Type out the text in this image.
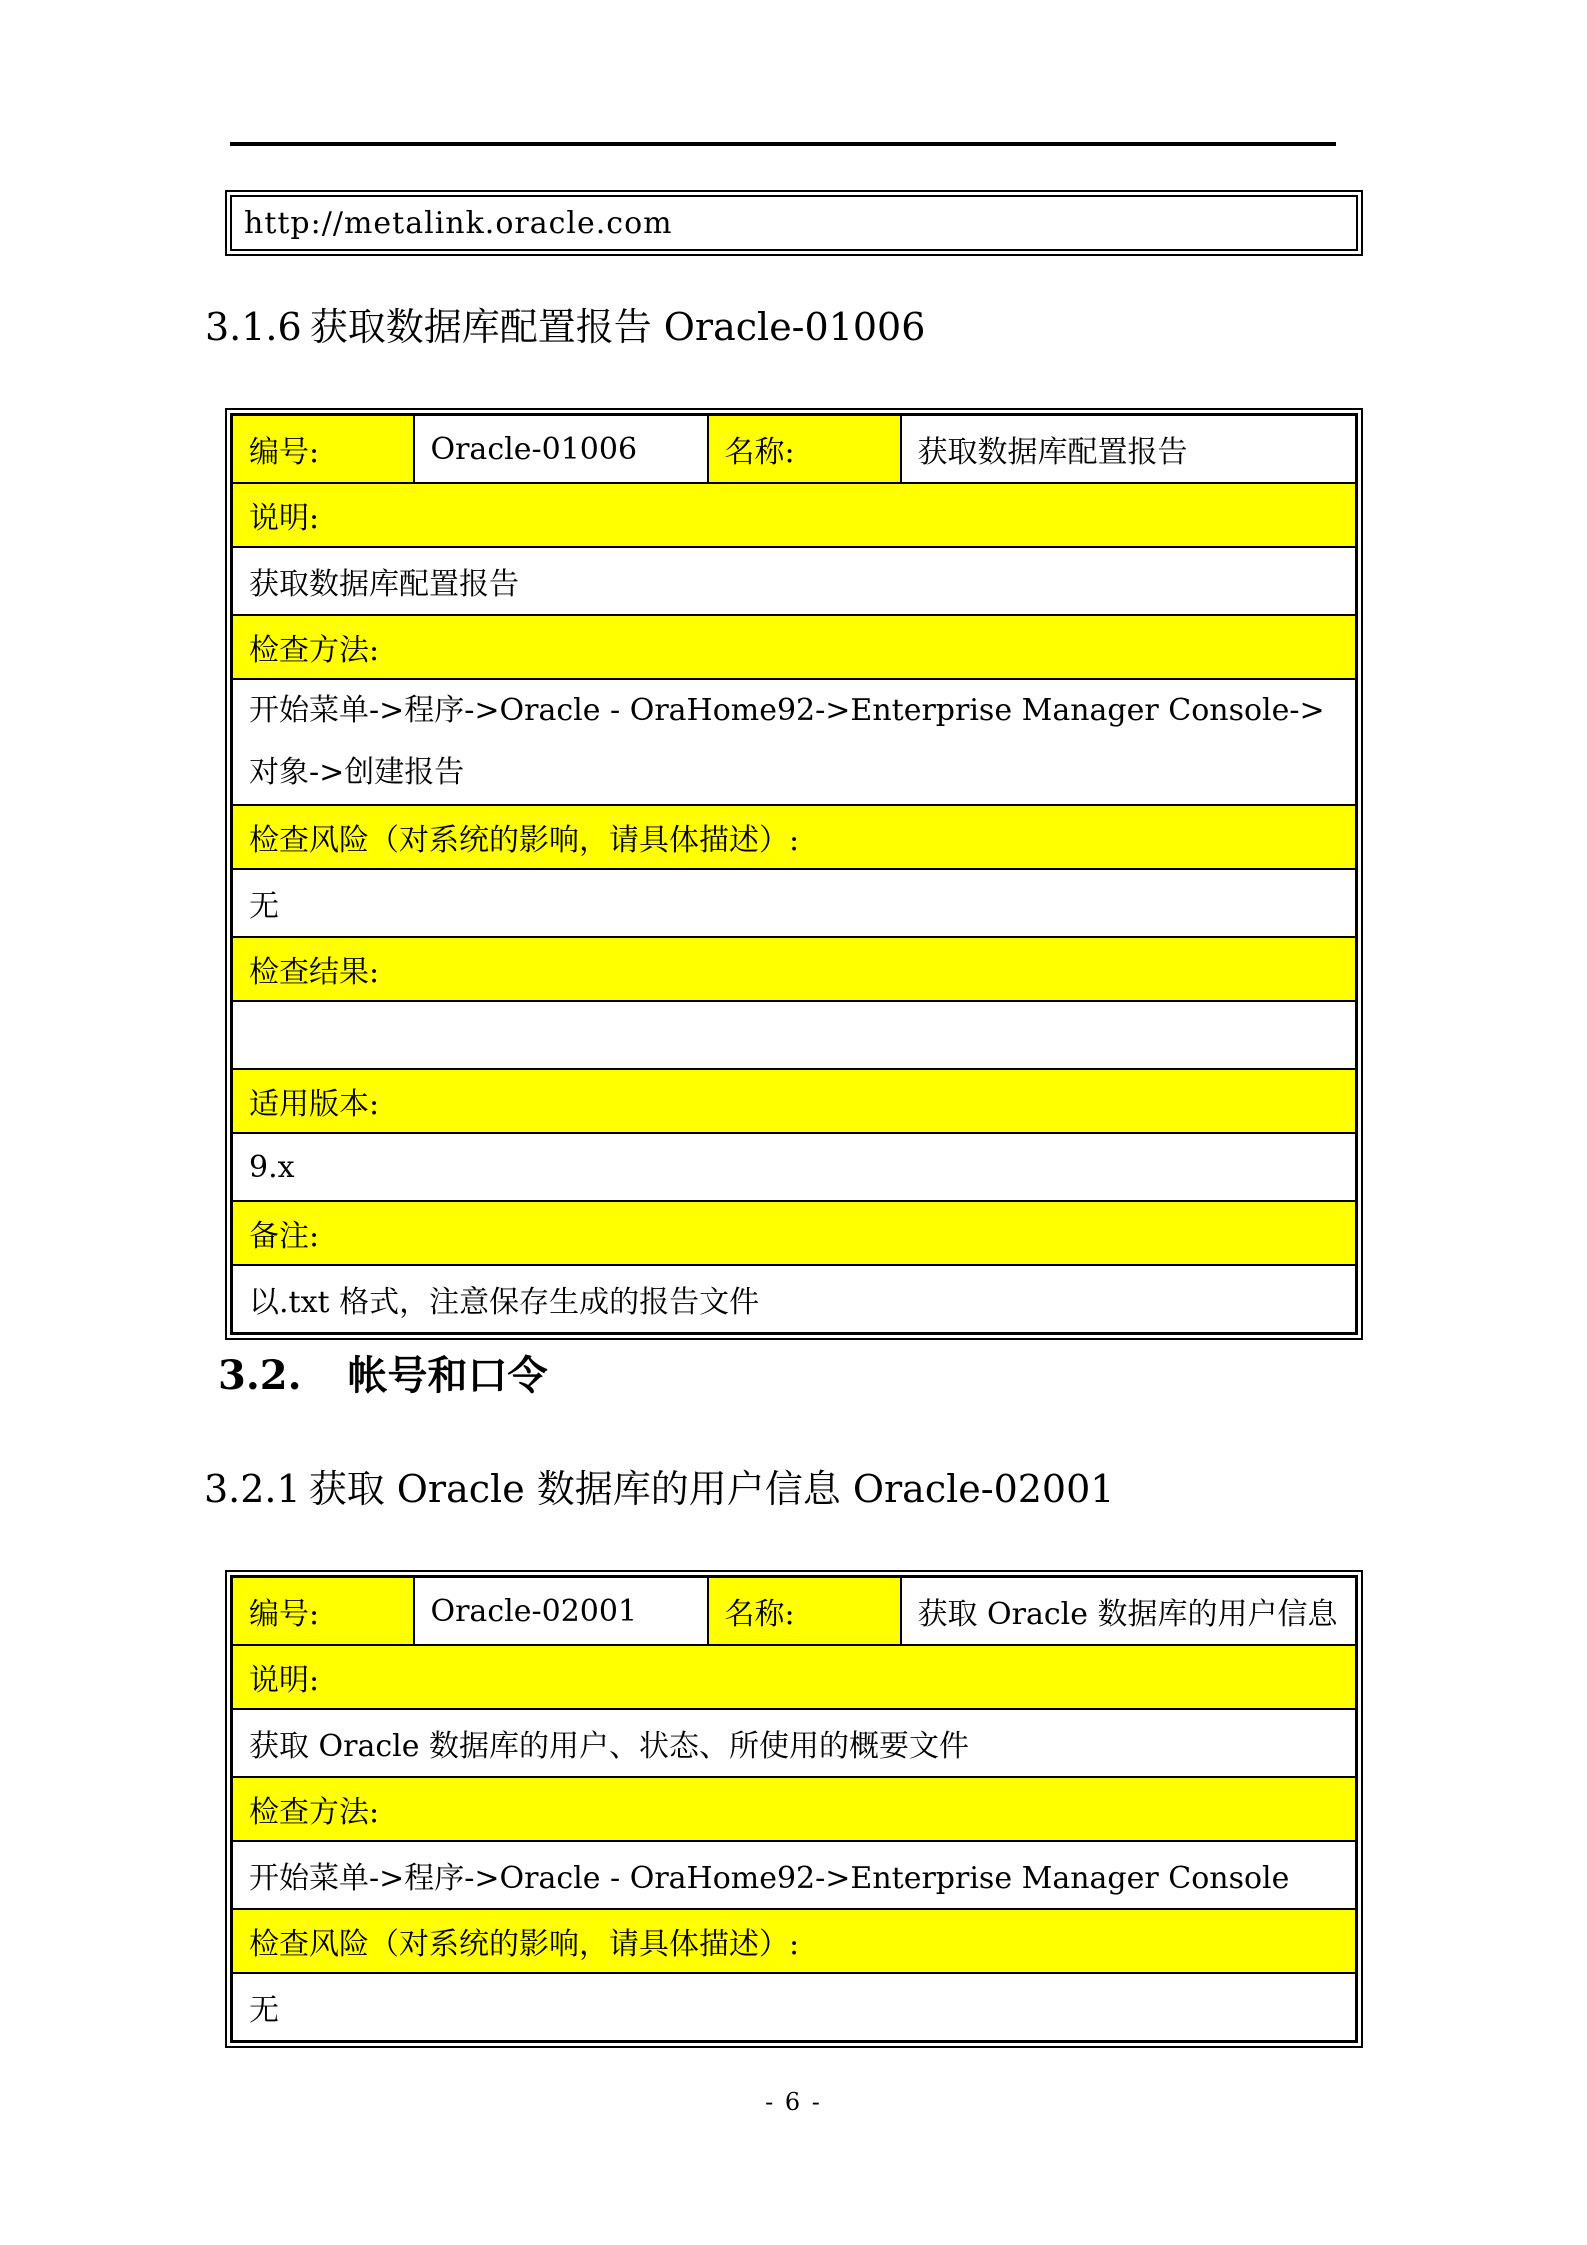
http://metalink.oracle.com
3.1.6 获取数据库配置报告 Oracle-01006
编号:	Oracle-01006	名称:	获取数据库配置报告
说明:
获取数据库配置报告
检查方法:
开始菜单->程序->Oracle - OraHome92->Enterprise Manager Console->对象->创建报告
检查风险（对系统的影响，请具体描述）:
无
检查结果:

适用版本:
9.x
备注:
以.txt 格式，注意保存生成的报告文件
3.2. 帐号和口令
3.2.1 获取 Oracle 数据库的用户信息 Oracle-02001
编号:	Oracle-02001	名称:	获取 Oracle 数据库的用户信息
说明:
获取 Oracle 数据库的用户、状态、所使用的概要文件
检查方法:
开始菜单->程序->Oracle - OraHome92->Enterprise Manager Console
检查风险（对系统的影响，请具体描述）:
无
- 6 -
